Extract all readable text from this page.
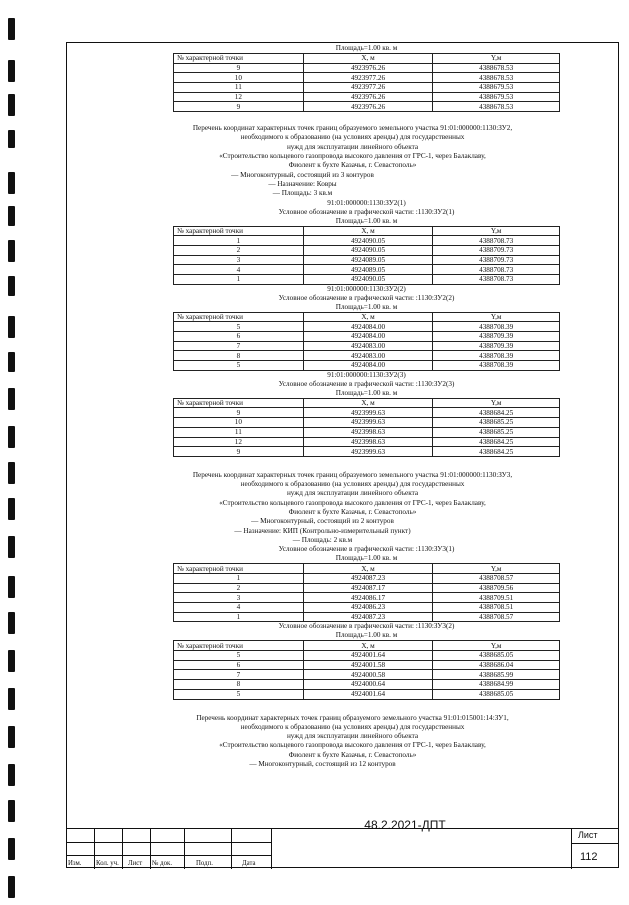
Площадь=1.00 кв. м
№ характерной точки	X, м	Y,м
9	4923976.26	4388678.53
10	4923977.26	4388678.53
11	4923977.26	4388679.53
12	4923976.26	4388679.53
9	4923976.26	4388678.53
Перечень координат характерных точек границ образуемого земельного участка 91:01:000000:1130:ЗУ2,
необходимого к образованию (на условиях аренды) для государственных
нужд для эксплуатации линейного объекта
«Строительство кольцевого газопровода высокого давления от ГРС-1, через Балаклаву,
Фиолент к бухте Казачья, г. Севастополь»
— Многоконтурный, состоящий из 3 контуров
— Назначение: Ковры
— Площадь: 3 кв.м
91:01:000000:1130:ЗУ2(1)
Условное обозначение в графической части: :1130:ЗУ2(1)
Площадь=1.00 кв. м
№ характерной точки	X, м	Y,м
1	4924090.05	4388708.73
2	4924090.05	4388709.73
3	4924089.05	4388709.73
4	4924089.05	4388708.73
1	4924090.05	4388708.73
91:01:000000:1130:ЗУ2(2)
Условное обозначение в графической части: :1130:ЗУ2(2)
Площадь=1.00 кв. м
№ характерной точки	X, м	Y,м
5	4924084.00	4388708.39
6	4924084.00	4388709.39
7	4924083.00	4388709.39
8	4924083.00	4388708.39
5	4924084.00	4388708.39
91:01:000000:1130:ЗУ2(3)
Условное обозначение в графической части: :1130:ЗУ2(3)
Площадь=1.00 кв. м
№ характерной точки	X, м	Y,м
9	4923999.63	4388684.25
10	4923999.63	4388685.25
11	4923998.63	4388685.25
12	4923998.63	4388684.25
9	4923999.63	4388684.25
Перечень координат характерных точек границ образуемого земельного участка 91:01:000000:1130:ЗУ3,
необходимого к образованию (на условиях аренды) для государственных
нужд для эксплуатации линейного объекта
«Строительство кольцевого газопровода высокого давления от ГРС-1, через Балаклаву,
Фиолент к бухте Казачья, г. Севастополь»
— Многоконтурный, состоящий из 2 контуров
— Назначение: КИП (Контрольно-измерительный пункт)
— Площадь: 2 кв.м
Условное обозначение в графической части: :1130:ЗУ3(1)
Площадь=1.00 кв. м
№ характерной точки	X, м	Y,м
1	4924087.23	4388708.57
2	4924087.17	4388709.56
3	4924086.17	4388709.51
4	4924086.23	4388708.51
1	4924087.23	4388708.57
Условное обозначение в графической части: :1130:ЗУ3(2)
Площадь=1.00 кв. м
№ характерной точки	X, м	Y,м
5	4924001.64	4388685.05
6	4924001.58	4388686.04
7	4924000.58	4388685.99
8	4924000.64	4388684.99
5	4924001.64	4388685.05
Перечень координат характерных точек границ образуемого земельного участка 91:01:015001:14:ЗУ1,
необходимого к образованию (на условиях аренды) для государственных
нужд для эксплуатации линейного объекта
«Строительство кольцевого газопровода высокого давления от ГРС-1, через Балаклаву,
Фиолент к бухте Казачья, г. Севастополь»
— Многоконтурный, состоящий из 12 контуров
Изм. Кол. уч. Лист № док.	Подп.	Дата
48.2.2021-ДПТ
Лист
112
